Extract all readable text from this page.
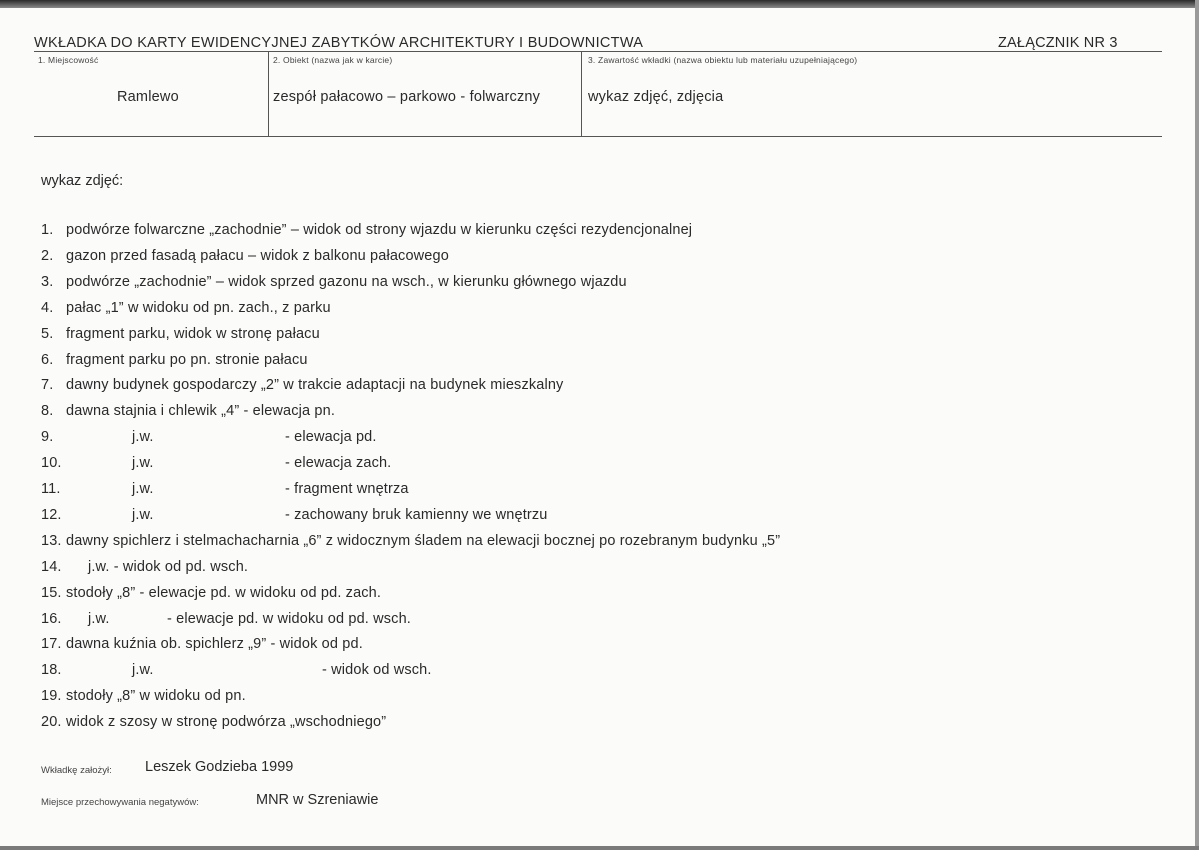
WKŁADKA DO KARTY EWIDENCYJNEJ ZABYTKÓW ARCHITEKTURY I BUDOWNICTWA	ZAŁĄCZNIK NR 3
1. Miejscowość	2. Obiekt (nazwa jak w karcie)	3. Zawartość wkładki (nazwa obiektu lub materiału uzupełniającego)
Ramlewo	zespół pałacowo – parkowo - folwarczny	wykaz zdjęć, zdjęcia
wykaz zdjęć:
1. podwórze folwarczne „zachodnie” – widok od strony wjazdu w kierunku części rezydencjonalnej
2. gazon przed fasadą pałacu – widok z balkonu pałacowego
3. podwórze „zachodnie” – widok sprzed gazonu na wsch., w kierunku głównego wjazdu
4. pałac „1” w widoku od pn. zach., z parku
5. fragment parku, widok w stronę pałacu
6. fragment parku po pn. stronie pałacu
7. dawny budynek gospodarczy „2” w trakcie adaptacji na budynek mieszkalny
8. dawna stajnia i chlewik „4” - elewacja pn.
9.	j.w.	- elewacja pd.
10.	j.w.	- elewacja zach.
11.	j.w.	- fragment wnętrza
12.	j.w.	- zachowany bruk kamienny we wnętrzu
13. dawny spichlerz i stelmachacharnia „6” z widocznym śladem na elewacji bocznej po rozebranym budynku „5”
14. j.w. - widok od pd. wsch.
15. stodoły „8” - elewacje pd. w widoku od pd. zach.
16. j.w.	- elewacje pd. w widoku od pd. wsch.
17. dawna kuźnia ob. spichlerz „9” - widok od pd.
18.	j.w.	- widok od wsch.
19. stodoły „8” w widoku od pn.
20. widok z szosy w stronę podwórza „wschodniego”
Wkładkę założył: Leszek Godzieba 1999
Miejsce przechowywania negatywów:	MNR w Szreniawie
